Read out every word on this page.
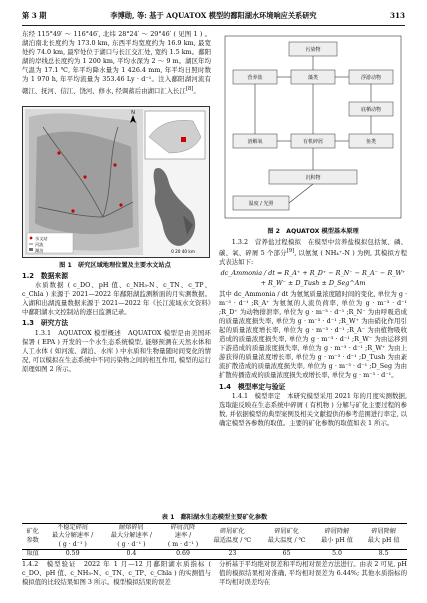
第 3 期	李博勋, 等: 基于 AQUATOX 模型的鄱阳湖水环境响应关系研究	313

东经 115°49′ ～ 116°46′, 北纬 28°24′ ～ 29°46′ ( 见图 1 ) 。湖泊南北长度约为 173.0 km, 东西平均宽度约为 16.9 km, 最宽处约 74.0 km, 最窄处位于湖口与长江交汇处, 宽约 1.5 km。鄱阳湖的岸线总长度约为 1 200 km, 平均水深为 2 ～ 9 m。湖区年均气温为 17.1 ℃, 年平均降水量为 1 426.4 mm, 年平均日照时数为 1 970 h, 年平均流量为 353.46 Ly · d⁻¹。注入鄱阳湖河流有赣江、抚河、信江、饶河、修水, 经调蓄后由湖口汇入长江[8]。

N
水文站
河流
湖泊	0 20 40 km
图 1　研究区域地理位置及主要水文站点

1.2　数据来源

水质数据 ( c_DO、pH 值、c_NH₃-N、c_TN、c_TP、c_Chla ) 来源于 2021—2022 年鄱阳湖监测断面的月实测数据。入湖和出湖流量数据来源于 2021—2022 年《长江流域水文资料》中鄱阳湖水文控制站的逐日监测记录。

1.3　研究方法

1.3.1　AQUATOX 模型概述　AQUATOX 模型是由美国环保署 ( EPA ) 开发的一个水生态系统模型, 能够预测在天然水体和人工水体 ( 如河流、湖泊、水库 ) 中水质和生物量随时间变化的情况, 可以模拟在生态系统中不同污染物之间的相互作用, 模型的运行原理如图 2 所示。

污染物
营养盐	藻类	浮游动物
底栖动物
鱼类
有机碎屑
溶解氧
沉积物
温度 / 光照
图 2　AQUATOX 模型基本原理

1.3.2　营养盐过程模拟　在模型中营养盐模拟包括氮、磷、碳、氧、碎屑 5 个部分[9], 以氨氮 ( NH₄⁺-N ) 为例, 其模拟方程式表达如下:

dc_Ammonia / dt = R_A⁺ + R_D⁺ − R_N⁻ − R_A⁻ − R_W⁺ + R_W⁻ ± D_Tush ± D_Seg^Am

其中 dc_Ammonia / dt 为氨氮质量浓度随时间的变化, 单位为 g · m⁻³ · d⁻¹ ;R_A⁺ 为氨氮的人流负荷率, 单位为 g · m⁻³ · d⁻¹ ;R_D⁺ 为动物排泄率, 单位为 g · m⁻³ · d⁻¹ ;R_N⁻ 为由呼吸造成的质量浓度损失率, 单位为 g · m⁻³ · d⁻¹ ;R_W⁺ 为由硝化作用引起的质量浓度增长率, 单位为 g · m⁻³ · d⁻¹ ;R_A⁻ 为由植物吸收造成的质量浓度损失率, 单位为 g · m⁻³ · d⁻¹ ;R_W⁻ 为由运移到下游造成的质量浓度损失率, 单位为 g · m⁻³ · d⁻¹ ;R_W⁺ 为由上游获得的质量浓度增长率, 单位为 g · m⁻³ · d⁻¹ ;D_Tush 为由紊流扩散造成的质量浓度损失率, 单位为 g · m⁻³ · d⁻¹ ;D_Seg 为由扩散传播造成的质量浓度损失或增长率, 单位为 g · m⁻³ · d⁻¹。

1.4　模型率定与验证

1.4.1　模型率定　本研究模型采用 2021 年的月度实测数据, 选取能反映在生态系统中碎屑 ( 有机物 ) 分解与矿化主要过程的参数, 并依据模型的典型案例及相关文献提供的参考范围进行率定, 以确定模型各参数的取值。主要的矿化参数的取值如表 1 所示。

表 1　鄱阳湖水生态模型主要矿化参数
矿化
参数	不稳定碎屑
最大分解速率 /
( g · d⁻¹ )	耐熔碎屑
最大分解速率 /
( g · d⁻¹ )	碎屑沉降
速率 /
( m · d⁻¹ )	碎屑矿化
最适温度 / ℃	碎屑矿化
最大温度 / ℃	碎屑降解
最小 pH 值	碎屑降解
最大 pH 值
取值	0.59	0.4	0.69	23	65	5.0	8.5
1.4.2　模型验证　2022 年 1 月—12 月鄱阳湖水质指标 ( c_DO、pH 值、c_NH₃-N、c_TN、c_TP、c_Chla ) 的实测值与模拟值的比较结果如图 3 所示。模型模拟结果的误差
分析基于平均绝对误差和平均相对误差方法进行。由表 2 可见, pH 值的模拟结果相对准确, 平均相对误差为 6.44%; 其他水质指标的平均相对误差均在
